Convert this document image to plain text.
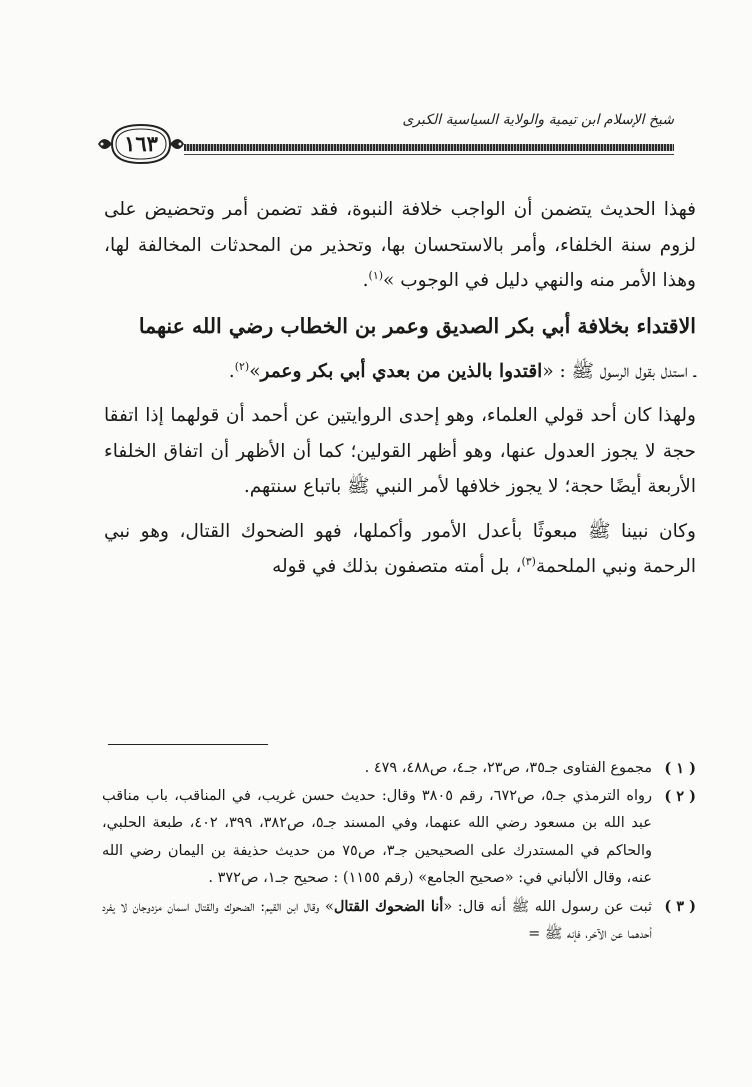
شيخ الإسلام ابن تيمية والولاية السياسية الكبرى
١٦٣

فهذا الحديث يتضمن أن الواجب خلافة النبوة، فقد تضمن أمر وتحضيض على لزوم سنة الخلفاء، وأمر بالاستحسان بها، وتحذير من المحدثات المخالفة لها، وهذا الأمر منه والنهي دليل في الوجوب »$^{(١)}$.

الاقتداء بخلافة أبي بكر الصديق وعمر بن الخطاب رضي الله عنهما

ـ استدل بقول الرسول ﷺ : «اقتدوا بالذين من بعدي أبي بكر وعمر»$^{(٢)}$.

ولهذا كان أحد قولي العلماء، وهو إحدى الروايتين عن أحمد أن قولهما إذا اتفقا حجة لا يجوز العدول عنها، وهو أظهر القولين؛ كما أن الأظهر أن اتفاق الخلفاء الأربعة أيضًا حجة؛ لا يجوز خلافها لأمر النبي ﷺ باتباع سنتهم.

وكان نبينا ﷺ مبعوثًا بأعدل الأمور وأكملها، فهو الضحوك القتال، وهو نبي الرحمة ونبي الملحمة$^{(٣)}$، بل أمته متصفون بذلك في قوله

( ١ )
مجموع الفتاوى جـ٣٥، ص٢٣، جـ٤، ص٤٨٨، ٤٧٩ .
( ٢ )
رواه الترمذي جـ٥، ص٦٧٢، رقم ٣٨٠٥ وقال: حديث حسن غريب، في المناقب، باب مناقب عبد الله بن مسعود رضي الله عنهما، وفي المسند جـ٥، ص٣٨٢، ٣٩٩، ٤٠٢، طبعة الحلبي، والحاكم في المستدرك على الصحيحين جـ٣، ص٧٥ من حديث حذيفة بن اليمان رضي الله عنه، وقال الألباني في: «صحيح الجامع» (رقم ١١٥٥) : صحيح جـ١، ص٣٧٢ .
( ٣ )
ثبت عن رسول الله ﷺ أنه قال: «أنا الضحوك القتال» وقال ابن القيم: الضحوك والقتال اسمان مزدوجان لا يفرد أحدهما عن الآخر، فإنه ﷺ =
